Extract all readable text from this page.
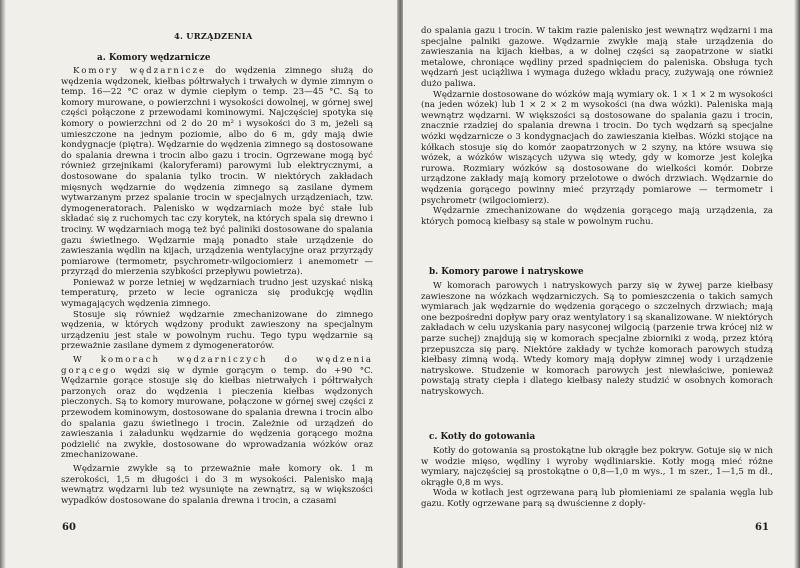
4. URZĄDZENIA
a. Komory wędzarnicze

Komory wędzarnicze do wędzenia zimnego służą do wędzenia wędzonek, kiełbas półtrwałych i trwałych w dymie zimnym o temp. 16—22 °C oraz w dymie ciepłym o temp. 23—45 °C. Są to komory murowane, o powierzchni i wysokości dowolnej, w górnej swej części połączone z przewodami kominowymi. Najczęściej spotyka się komory o powierzchni od 2 do 20 m² i wysokości do 3 m, jeżeli są umieszczone na jednym poziomie, albo do 6 m, gdy mają dwie kondygnacje (piętra). Wędzarnie do wędzenia zimnego są dostosowane do spalania drewna i trocin albo gazu i trocin. Ogrzewane mogą być również grzejnikami (kaloryferami) parowymi lub elektrycznymi, a dostosowane do spalania tylko trocin. W niektórych zakładach mięsnych wędzarnie do wędzenia zimnego są zasilane dymem wytwarzanym przez spalanie trocin w specjalnych urządzeniach, tzw. dymogeneratorach. Palenisko w wędzarniach może być stałe lub składać się z ruchomych tac czy korytek, na których spala się drewno i trociny. W wędzarniach mogą też być paliniki dostosowane do spalania gazu świetlnego. Wędzarnie mają ponadto stałe urządzenie do zawieszania wędlin na kijach, urządzenia wentylacyjne oraz przyrządy pomiarowe (termometr, psychrometr-wilgociomierz i anemometr — przyrząd do mierzenia szybkości przepływu powietrza).

Ponieważ w porze letniej w wędzarniach trudno jest uzyskać niską temperaturę, przeto w lecie ogranicza się produkcję wędlin wymagających wędzenia zimnego.

Stosuje się również wędzarnie zmechanizowane do zimnego wędzenia, w których wędzony produkt zawieszony na specjalnym urządzeniu jest stale w powolnym ruchu. Tego typu wędzarnie są przeważnie zasilane dymem z dymogeneratorów.

W komorach wędzarniczych do wędzenia gorącego wędzi się w dymie gorącym o temp. do +90 °C. Wędzarnie gorące stosuje się do kiełbas nietrwałych i półtrwałych parzonych oraz do wędzenia i pieczenia kiełbas wędzonych pieczonych. Są to komory murowane, połączone w górnej swej części z przewodem kominowym, dostosowane do spalania drewna i trocin albo do spalania gazu świetlnego i trocin. Zależnie od urządzeń do zawieszania i załadunku wędzarnie do wędzenia gorącego można podzielić na zwykłe, dostosowane do wprowadzania wózków oraz zmechanizowane.

Wędzarnie zwykłe są to przeważnie małe komory ok. 1 m szerokości, 1,5 m długości i do 3 m wysokości. Palenisko mają wewnątrz wędzarni lub też wysunięte na zewnątrz, są w większości wypadków dostosowane do spalania drewna i trocin, a czasami

60

do spalania gazu i trocin. W takim razie palenisko jest wewnątrz wędzarni i ma specjalne palniki gazowe. Wędzarnie zwykłe mają stałe urządzenia do zawieszania na kijach kiełbas, a w dolnej części są zaopatrzone w siatki metalowe, chroniące wędliny przed spadnięciem do paleniska. Obsługa tych wędzarń jest uciążliwa i wymaga dużego wkładu pracy, zużywają one również dużo paliwa.

Wędzarnie dostosowane do wózków mają wymiary ok. 1 × 1 × 2 m wysokości (na jeden wózek) lub 1 × 2 × 2 m wysokości (na dwa wózki). Paleniska mają wewnątrz wędzarni. W większości są dostosowane do spalania gazu i trocin, znacznie rzadziej do spalania drewna i trocin. Do tych wędzarń są specjalne wózki wędzarnicze o 3 kondygnacjach do zawieszania kiełbas. Wózki stojące na kółkach stosuje się do komór zaopatrzonych w 2 szyny, na które wsuwa się wózek, a wózków wiszących używa się wtedy, gdy w komorze jest kolejka rurowa. Rozmiary wózków są dostosowane do wielkości komór. Dobrze urządzone zakłady mają komory przelotowe o dwóch drzwiach. Wędzarnie do wędzenia gorącego powinny mieć przyrządy pomiarowe — termometr i psychrometr (wilgociomierz).

Wędzarnie zmechanizowane do wędzenia gorącego mają urządzenia, za których pomocą kiełbasy są stale w powolnym ruchu.

b. Komory parowe i natryskowe

W komorach parowych i natryskowych parzy się w żywej parze kiełbasy zawieszone na wózkach wędzarniczych. Są to pomieszczenia o takich samych wymiarach jak wędzarnie do wędzenia gorącego o szczelnych drzwiach; mają one bezpośredni dopływ pary oraz wentylatory i są skanalizowane. W niektórych zakładach w celu uzyskania pary nasyconej wilgocią (parzenie trwa krócej niż w parze suchej) znajdują się w komorach specjalne zbiorniki z wodą, przez którą przepuszcza się parę. Niektóre zakłady w tychże komorach parowych studzą kiełbasy zimną wodą. Wtedy komory mają dopływ zimnej wody i urządzenie natryskowe. Studzenie w komorach parowych jest niewłaściwe, ponieważ powstają straty ciepła i dlatego kiełbasy należy studzić w osobnych komorach natryskowych.

c. Kotły do gotowania

Kotły do gotowania są prostokątne lub okrągłe bez pokryw. Gotuje się w nich w wodzie mięso, wędliny i wyroby wędliniarskie. Kotły mogą mieć różne wymiary, najczęściej są prostokątne o 0,8—1,0 m wys., 1 m szer., 1—1,5 m dł., okrągłe 0,8 m wys.

Woda w kotłach jest ogrzewana parą lub płomieniami ze spalania węgla lub gazu. Kotły ogrzewane parą są dwuścienne z dopły-

61
